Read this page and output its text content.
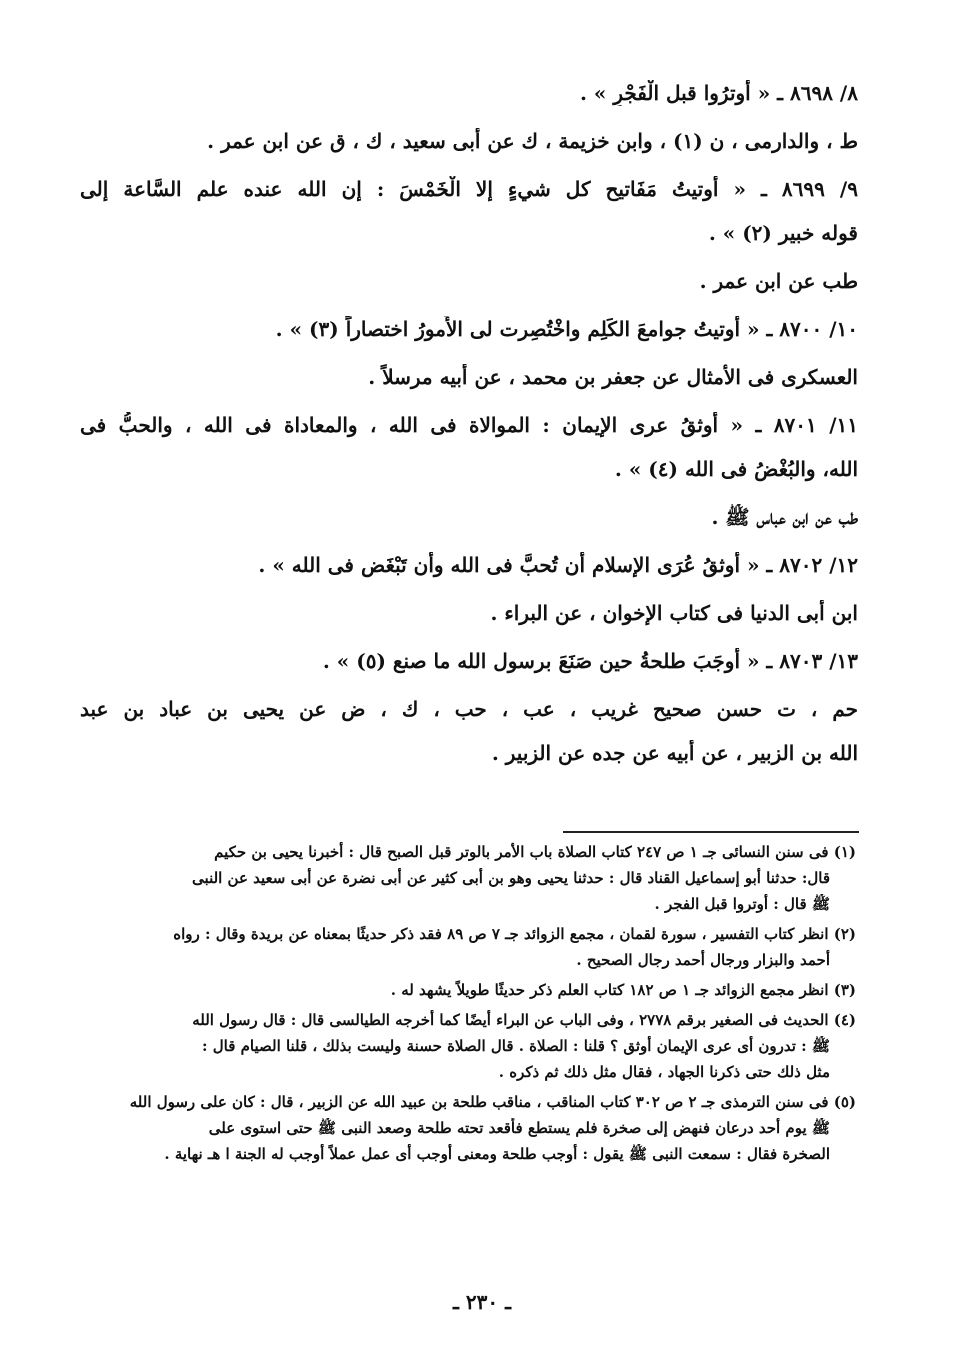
٨/ ٨٦٩٨ ـ « أَوترُوا قبل الْفَجْرِ » .

ط ، والدارمى ، ن (١) ، وابن خزيمة ، ك عن أبى سعيد ، ك ، ق عن ابن عمر .

٩/ ٨٦٩٩ ـ « أُوتيتُ مَفَاتيح كل شيءٍ إلا الْخَمْسَ : إن الله عنده علم السَّاعة إلى

قوله خبير (٢) » .

طب عن ابن عمر .

١٠/ ٨٧٠٠ ـ « أوتيتُ جوامعَ الكَلِمِ واخْتُصِرت لى الأُمورُ اختصاراً (٣) » .

العسكرى فى الأمثال عن جعفر بن محمد ، عن أبيه مرسلاً .

١١/ ٨٧٠١ ـ « أوثقُ عرى الإيمان : الموالاة فى الله ، والمعاداة فى الله ، والحبُّ فى

الله، والبُغْضُ فى الله (٤) » .

طب عن ابن عباس ﷺ .

١٢/ ٨٧٠٢ ـ « أوثقُ عُرَى الإسلام أن تُحبَّ فى الله وأن تَبْغَض فى الله » .

ابن أبى الدنيا فى كتاب الإخوان ، عن البراء .

١٣/ ٨٧٠٣ ـ « أَوجَبَ طلحةُ حين صَنَعَ برسول الله ما صنع (٥) » .

حم ، ت حسن صحيح غريب ، عب ، حب ، ك ، ض عن يحيى بن عباد بن عبد

الله بن الزبير ، عن أبيه عن جده عن الزبير .

(١) فى سنن النسائى جـ ١ ص ٢٤٧ كتاب الصلاة باب الأمر بالوتر قبل الصبح قال : أخبرنا يحيى بن حكيم

قال: حدثنا أبو إسماعيل القناد قال : حدثنا يحيى وهو بن أبى كثير عن أبى نضرة عن أبى سعيد عن النبى

ﷺ قال : أوتروا قبل الفجر .

(٢) انظر كتاب التفسير ، سورة لقمان ، مجمع الزوائد جـ ٧ ص ٨٩ فقد ذكر حديثًا بمعناه عن بريدة وقال : رواه

أحمد والبزار ورجال أحمد رجال الصحيح .

(٣) انظر مجمع الزوائد جـ ١ ص ١٨٢ كتاب العلم ذكر حديثًا طويلاً يشهد له .

(٤) الحديث فى الصغير برقم ٢٧٧٨ ، وفى الباب عن البراء أيضًا كما أخرجه الطيالسى قال : قال رسول الله

ﷺ : تدرون أى عرى الإيمان أوثق ؟ قلنا : الصلاة . قال الصلاة حسنة وليست بذلك ، قلنا الصيام قال :

مثل ذلك حتى ذكرنا الجهاد ، فقال مثل ذلك ثم ذكره .

(٥) فى سنن الترمذى جـ ٢ ص ٣٠٢ كتاب المناقب ، مناقب طلحة بن عبيد الله عن الزبير ، قال : كان على رسول الله

ﷺ يوم أحد درعان فنهض إلى صخرة فلم يستطع فأقعد تحته طلحة وصعد النبى ﷺ حتى استوى على

الصخرة فقال : سمعت النبى ﷺ يقول : أوجب طلحة ومعنى أوجب أى عمل عملاً أوجب له الجنة ا هـ نهاية .

ـ ٢٣٠ ـ
